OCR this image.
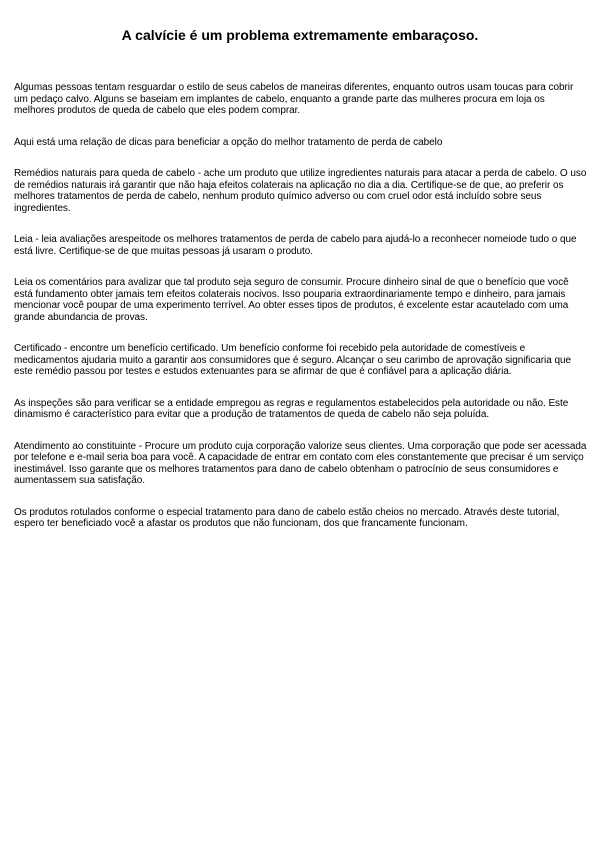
A calvície é um problema extremamente embaraçoso.

Algumas pessoas tentam resguardar o estilo de seus cabelos de maneiras diferentes, enquanto outros usam toucas para cobrir um pedaço calvo. Alguns se baseiam em implantes de cabelo, enquanto a grande parte das mulheres procura em loja os melhores produtos de queda de cabelo que eles podem comprar.

Aqui está uma relação de dicas para beneficiar a opção do melhor tratamento de perda de cabelo

Remédios naturais para queda de cabelo - ache um produto que utilize ingredientes naturais para atacar a perda de cabelo. O uso de remédios naturais irá garantir que não haja efeitos colaterais na aplicação no dia a dia. Certifique-se de que, ao preferir os melhores tratamentos de perda de cabelo, nenhum produto químico adverso ou com cruel odor está incluído sobre seus ingredientes.

Leia - leia avaliações arespeitode os melhores tratamentos de perda de cabelo para ajudá-lo a reconhecer nomeiode tudo o que está livre. Certifique-se de que muitas pessoas já usaram o produto.

Leia os comentários para avalizar que tal produto seja seguro de consumir. Procure dinheiro sinal de que o benefício que você está fundamento obter jamais tem efeitos colaterais nocivos. Isso pouparia extraordinariamente tempo e dinheiro, para jamais mencionar você poupar de uma experimento terrível. Ao obter esses tipos de produtos, é excelente estar acautelado com uma grande abundancia de provas.

Certificado - encontre um benefício certificado. Um benefício conforme foi recebido pela autoridade de comestíveis e medicamentos ajudaria muito a garantir aos consumidores que é seguro. Alcançar o seu carimbo de aprovação significaria que este remédio passou por testes e estudos extenuantes para se afirmar de que é confiável para a aplicação diária.

As inspeções são para verificar se a entidade empregou as regras e regulamentos estabelecidos pela autoridade ou não. Este dinamismo é característico para evitar que a produção de tratamentos de queda de cabelo não seja poluída.

Atendimento ao constituinte - Procure um produto cuja corporação valorize seus clientes. Uma corporação que pode ser acessada por telefone e e-mail seria boa para você. A capacidade de entrar em contato com eles constantemente que precisar é um serviço inestimável. Isso garante que os melhores tratamentos para dano de cabelo obtenham o patrocínio de seus consumidores e aumentassem sua satisfação.

Os produtos rotulados conforme o especial tratamento para dano de cabelo estão cheios no mercado. Através deste tutorial, espero ter beneficiado você a afastar os produtos que não funcionam, dos que francamente funcionam.
